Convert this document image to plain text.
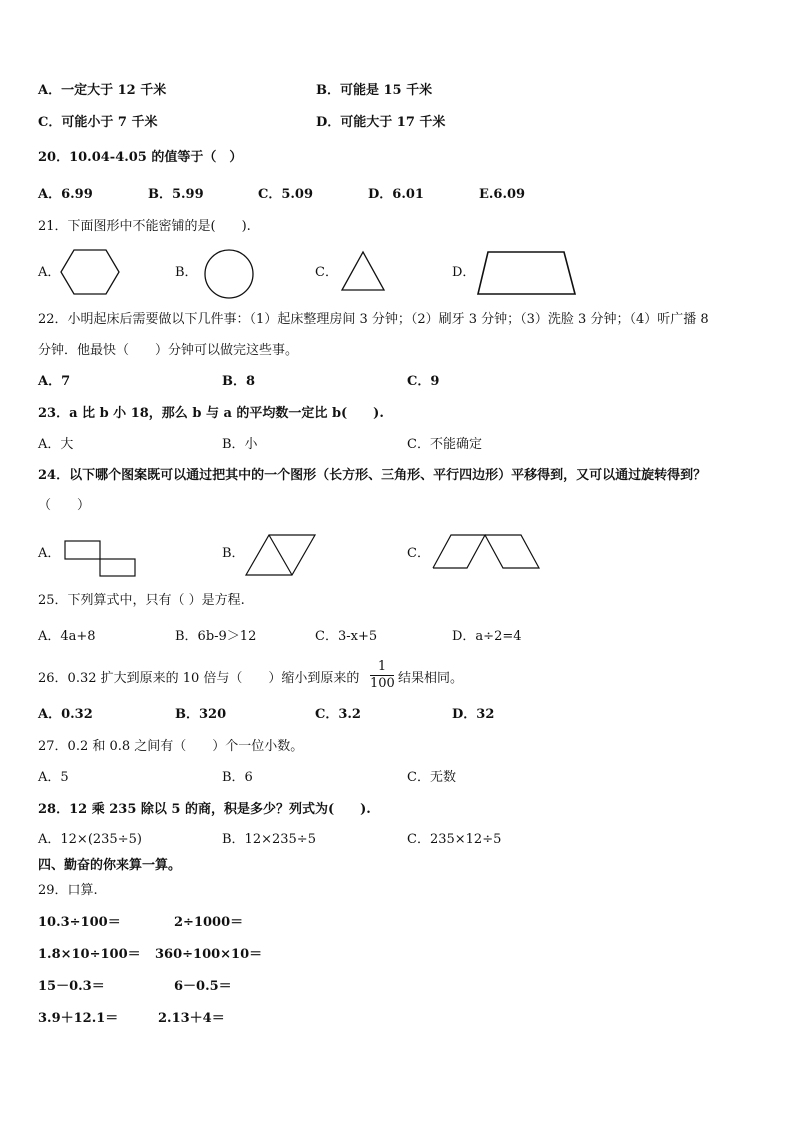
A．一定大于 12 千米	B．可能是 15 千米
C．可能小于 7 千米	D．可能大于 17 千米
20．10.04-4.05 的值等于（　）
A．6.99	B．5.99	C．5.09	D．6.01	E.6.09
21．下面图形中不能密铺的是(　　).
A．	B．	C．	D．
22．小明起床后需要做以下几件事：（1）起床整理房间 3 分钟；（2）刷牙 3 分钟；（3）洗脸 3 分钟；（4）听广播 8
分钟．他最快（　　）分钟可以做完这些事。
A．7	B．8	C．9
23．a 比 b 小 18，那么 b 与 a 的平均数一定比 b(　　).
A．大	B．小	C．不能确定
24．以下哪个图案既可以通过把其中的一个图形（长方形、三角形、平行四边形）平移得到，又可以通过旋转得到？
（　　）
A．	B．	C．
25．下列算式中，只有（ ）是方程.
A．4a+8	B．6b-9＞12	C．3-x+5	D．a÷2=4
26．0.32 扩大到原来的 10 倍与（　　）缩小到原来的
1
100 结果相同。
A．0.32	B．320	C．3.2	D．32
27．0.2 和 0.8 之间有（　　）个一位小数。
A．5	B．6	C．无数
28．12 乘 235 除以 5 的商，积是多少？列式为(　　).
A．12×(235÷5)	B．12×235÷5	C．235×12÷5
四、勤奋的你来算一算。
29．口算.
10.3÷100＝	2÷1000＝
1.8×10÷100＝ 360÷100×10＝
15－0.3＝	6－0.5＝
3.9＋12.1＝	2.13＋4＝
